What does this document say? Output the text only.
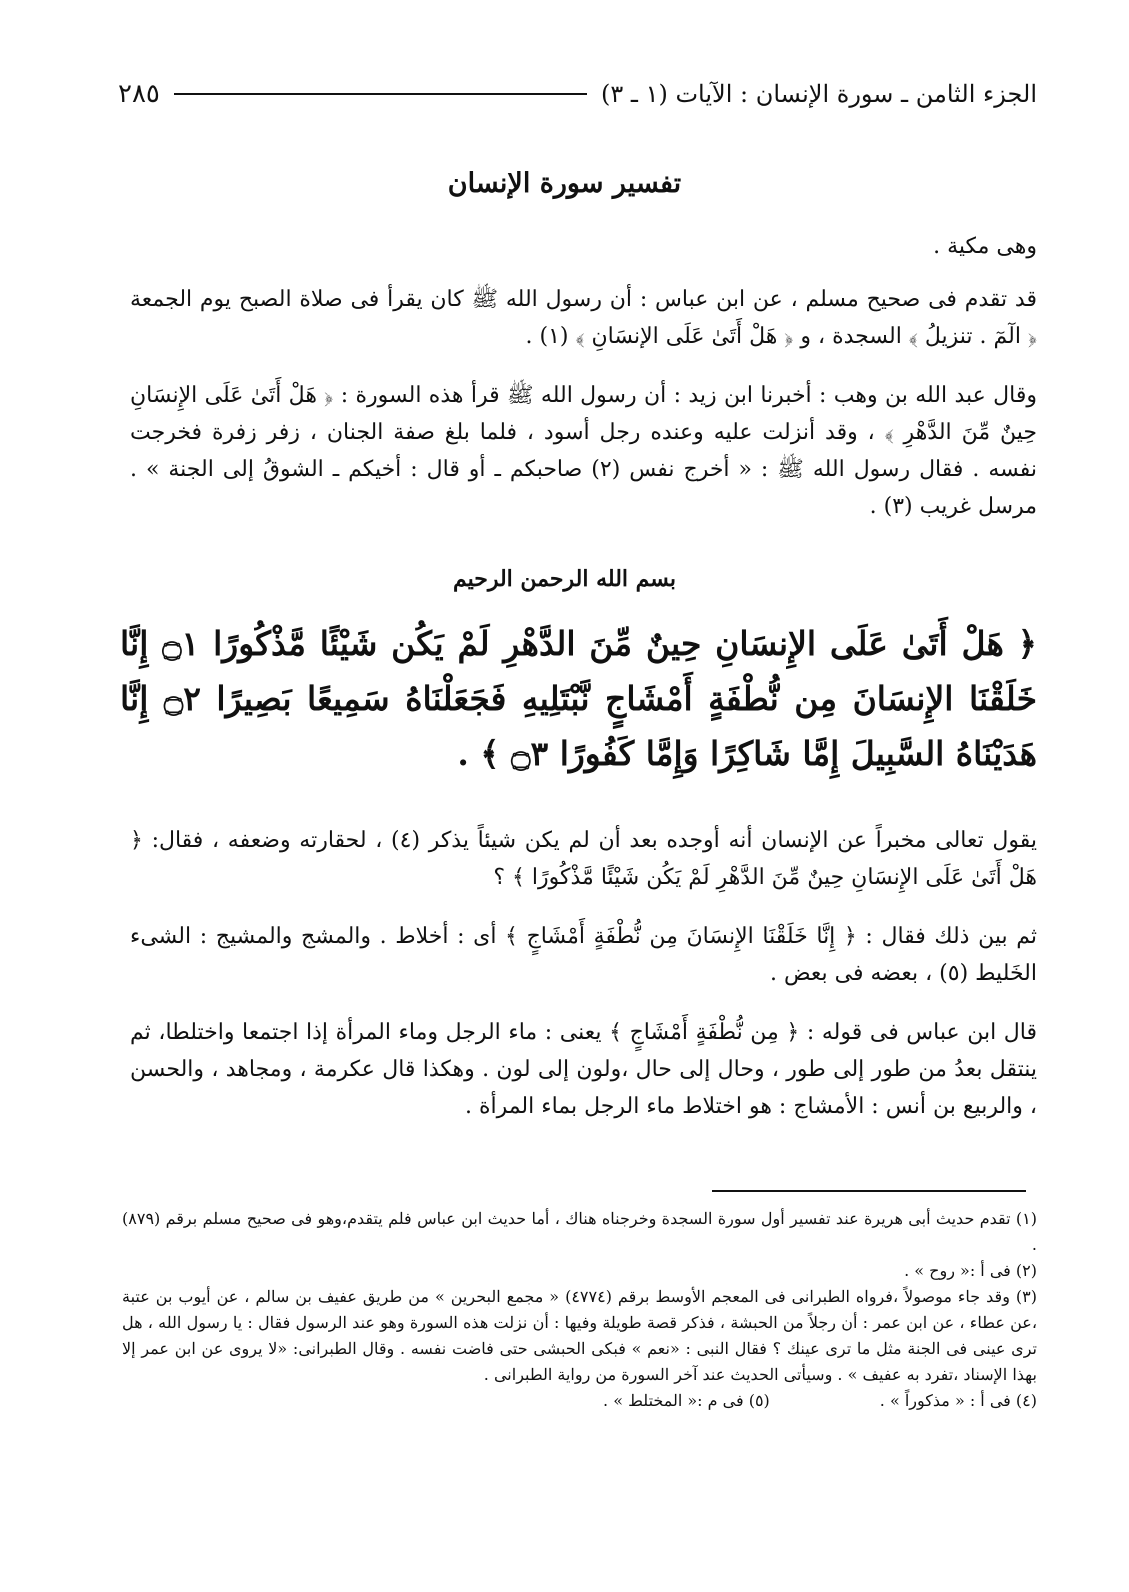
الجزء الثامن ـ سورة الإنسان : الآيات (١ ـ ٣)
٢٨٥
تفسير سورة الإنسان

وهى مكية .

قد تقدم فى صحيح مسلم ، عن ابن عباس : أن رسول الله ﷺ كان يقرأ فى صلاة الصبح يوم الجمعة ﴿ الٓمٓ . تنزيلُ ﴾ السجدة ، و ﴿ هَلْ أَتَىٰ عَلَى الإنسَانِ ﴾ (١) .

وقال عبد الله بن وهب : أخبرنا ابن زيد : أن رسول الله ﷺ قرأ هذه السورة : ﴿ هَلْ أَتَىٰ عَلَى الإِنسَانِ حِينٌ مِّنَ الدَّهْرِ ﴾ ، وقد أنزلت عليه وعنده رجل أسود ، فلما بلغ صفة الجنان ، زفر زفرة فخرجت نفسه . فقال رسول الله ﷺ : « أخرج نفس (٢) صاحبكم ـ أو قال : أخيكم ـ الشوقُ إلى الجنة » . مرسل غريب (٣) .

بسم الله الرحمن الرحيم

﴿ هَلْ أَتَىٰ عَلَى الإِنسَانِ حِينٌ مِّنَ الدَّهْرِ لَمْ يَكُن شَيْئًا مَّذْكُورًا ۝١ إِنَّا خَلَقْنَا الإِنسَانَ مِن نُّطْفَةٍ أَمْشَاجٍ نَّبْتَلِيهِ فَجَعَلْنَاهُ سَمِيعًا بَصِيرًا ۝٢ إِنَّا هَدَيْنَاهُ السَّبِيلَ إِمَّا شَاكِرًا وَإِمَّا كَفُورًا ۝٣ ﴾ .

يقول تعالى مخبراً عن الإنسان أنه أوجده بعد أن لم يكن شيئاً يذكر (٤) ، لحقارته وضعفه ، فقال: ﴿ هَلْ أَتَىٰ عَلَى الإِنسَانِ حِينٌ مِّنَ الدَّهْرِ لَمْ يَكُن شَيْئًا مَّذْكُورًا ﴾ ؟

ثم بين ذلك فقال : ﴿ إِنَّا خَلَقْنَا الإِنسَانَ مِن نُّطْفَةٍ أَمْشَاجٍ ﴾ أى : أخلاط . والمشج والمشيج : الشىء الخَليط (٥) ، بعضه فى بعض .

قال ابن عباس فى قوله : ﴿ مِن نُّطْفَةٍ أَمْشَاجٍ ﴾ يعنى : ماء الرجل وماء المرأة إذا اجتمعا واختلطا، ثم ينتقل بعدُ من طور إلى طور ، وحال إلى حال ،ولون إلى لون . وهكذا قال عكرمة ، ومجاهد ، والحسن ، والربيع بن أنس : الأمشاج : هو اختلاط ماء الرجل بماء المرأة .

(١) تقدم حديث أبى هريرة عند تفسير أول سورة السجدة وخرجناه هناك ، أما حديث ابن عباس فلم يتقدم،وهو فى صحيح مسلم برقم (٨٧٩) .

(٢) فى أ :« روح » .

(٣) وقد جاء موصولاً ،فرواه الطبرانى فى المعجم الأوسط برقم (٤٧٧٤) « مجمع البحرين » من طريق عفيف بن سالم ، عن أيوب بن عتبة ،عن عطاء ، عن ابن عمر : أن رجلاً من الحبشة ، فذكر قصة طويلة وفيها : أن نزلت هذه السورة وهو عند الرسول فقال : يا رسول الله ، هل ترى عينى فى الجنة مثل ما ترى عينك ؟ فقال النبى : «نعم » فبكى الحبشى حتى فاضت نفسه . وقال الطبرانى: «لا يروى عن ابن عمر إلا بهذا الإسناد ،تفرد به عفيف » . وسيأتى الحديث عند آخر السورة من رواية الطبرانى .

(٤) فى أ : « مذكوراً » .
(٥) فى م :« المختلط » .
